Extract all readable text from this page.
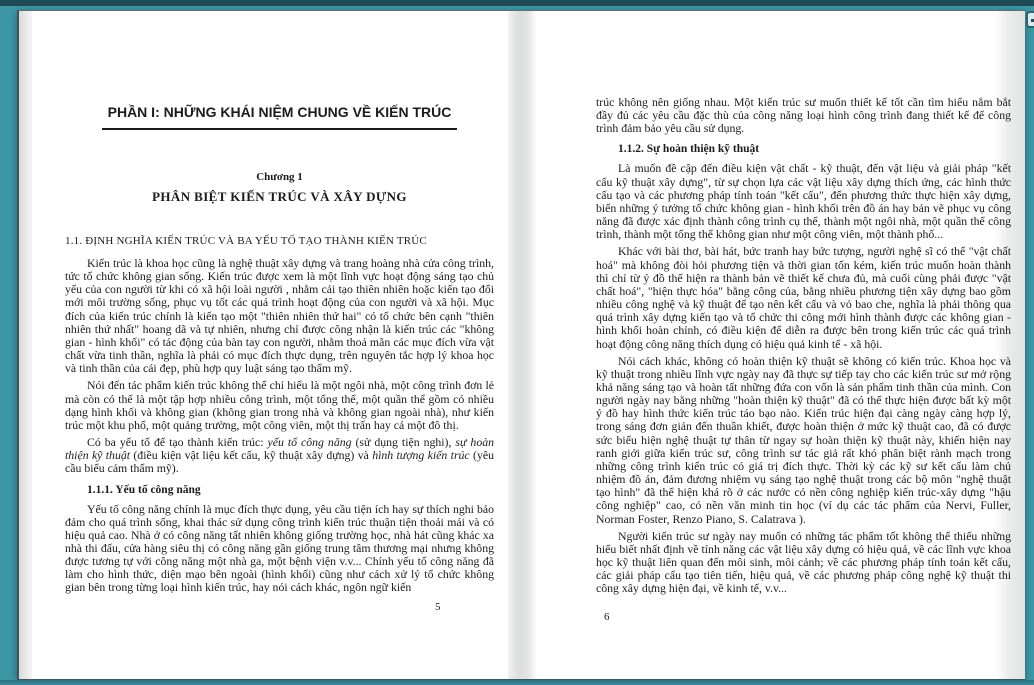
PHẦN I: NHỮNG KHÁI NIỆM CHUNG VỀ KIẾN TRÚC
Chương 1
PHÂN BIỆT KIẾN TRÚC VÀ XÂY DỰNG
1.1. ĐỊNH NGHĨA KIẾN TRÚC VÀ BA YẾU TỐ TẠO THÀNH KIẾN TRÚC
Kiến trúc là khoa học cũng là nghệ thuật xây dựng và trang hoàng nhà cửa công trình, tức tổ chức không gian sống. Kiến trúc được xem là một lĩnh vực hoạt động sáng tạo chủ yếu của con người từ khi có xã hội loài người , nhằm cải tạo thiên nhiên hoặc kiến tạo đổi mới môi trường sống, phục vụ tốt các quá trình hoạt động của con người và xã hội. Mục đích của kiến trúc chính là kiến tạo một "thiên nhiên thứ hai" có tổ chức bên cạnh "thiên nhiên thứ nhất" hoang dã và tự nhiên, nhưng chỉ được công nhận là kiến trúc các "không gian - hình khối" có tác động của bàn tay con người, nhằm thoả mãn các mục đích vừa vật chất vừa tinh thần, nghĩa là phải có mục đích thực dụng, trên nguyên tắc hợp lý khoa học và tinh thần của cái đẹp, phù hợp quy luật sáng tạo thẩm mỹ.
Nói đến tác phẩm kiến trúc không thể chỉ hiểu là một ngôi nhà, một công trình đơn lẻ mà còn có thể là một tập hợp nhiều công trình, một tổng thể, một quần thể gồm có nhiều dạng hình khối và không gian (không gian trong nhà và không gian ngoài nhà), như kiến trúc một khu phố, một quảng trường, một công viên, một thị trấn hay cả một đô thị.
Có ba yếu tố để tạo thành kiến trúc: yếu tố công năng (sử dụng tiện nghi), sự hoàn thiện kỹ thuật (điều kiện vật liệu kết cấu, kỹ thuật xây dựng) và hình tượng kiến trúc (yêu cầu biểu cảm thẩm mỹ).
1.1.1. Yếu tố công năng
Yếu tố công năng chính là mục đích thực dụng, yêu cầu tiện ích hay sự thích nghi bảo đảm cho quá trình sống, khai thác sử dụng công trình kiến trúc thuận tiện thoải mái và có hiệu quả cao. Nhà ở có công năng tất nhiên không giống trường học, nhà hát cũng khác xa nhà thi đấu, cửa hàng siêu thị có công năng gần giống trung tâm thương mại nhưng không được tương tự với công năng một nhà ga, một bệnh viện v.v... Chính yếu tố công năng đã làm cho hình thức, diện mạo bên ngoài (hình khối) cũng như cách xử lý tổ chức không gian bên trong từng loại hình kiến trúc, hay nói cách khác, ngôn ngữ kiến
trúc không nên giống nhau. Một kiến trúc sư muốn thiết kế tốt cần tìm hiểu nắm bắt đầy đủ các yêu cầu đặc thù của công năng loại hình công trình đang thiết kế để công trình đảm bảo yêu cầu sử dụng.
1.1.2. Sự hoàn thiện kỹ thuật
Là muốn đề cập đến điều kiện vật chất - kỹ thuật, đến vật liệu và giải pháp "kết cấu kỹ thuật xây dựng", từ sự chọn lựa các vật liệu xây dựng thích ứng, các hình thức cấu tạo và các phương pháp tính toán "kết cấu", đến phương thức thực hiện xây dựng, biến những ý tưởng tổ chức không gian - hình khối trên đồ án hay bản vẽ phục vụ công năng đã được xác định thành công trình cụ thể, thành một ngôi nhà, một quần thể công trình, thành một tổng thể không gian như một công viên, một thành phố...
Khác với bài thơ, bài hát, bức tranh hay bức tượng, người nghệ sĩ có thể "vật chất hoá" mà không đòi hỏi phương tiện và thời gian tốn kém, kiến trúc muốn hoàn thành thì chỉ từ ý đồ thể hiện ra thành bản vẽ thiết kế chưa đủ, mà cuối cùng phải được "vật chất hoá", "hiện thực hóa" bằng công của, bằng nhiều phương tiện xây dựng bao gồm nhiều công nghệ và kỹ thuật để tạo nên kết cấu và vỏ bao che, nghĩa là phải thông qua quá trình xây dựng kiến tạo và tổ chức thi công mới hình thành được các không gian - hình khối hoàn chỉnh, có điều kiện để diễn ra được bên trong kiến trúc các quá trình hoạt động công năng thích dụng có hiệu quả kinh tế - xã hội.
Nói cách khác, không có hoàn thiện kỹ thuật sẽ không có kiến trúc. Khoa học và kỹ thuật trong nhiều lĩnh vực ngày nay đã thực sự tiếp tay cho các kiến trúc sư mở rộng khả năng sáng tạo và hoàn tất những đứa con vốn là sản phẩm tinh thần của mình. Con người ngày nay bằng những "hoàn thiện kỹ thuật" đã có thể thực hiện được bất kỳ một ý đồ hay hình thức kiến trúc táo bạo nào. Kiến trúc hiện đại càng ngày càng hợp lý, trong sáng đơn giản đến thuần khiết, được hoàn thiện ở mức kỹ thuật cao, đã có được sức biểu hiện nghệ thuật tự thân từ ngay sự hoàn thiện kỹ thuật này, khiến hiện nay ranh giới giữa kiến trúc sư, công trình sư tác giả rất khó phân biệt rành mạch trong những công trình kiến trúc có giá trị đích thực. Thời kỳ các kỹ sư kết cấu làm chủ nhiệm đồ án, đảm đương nhiệm vụ sáng tạo nghệ thuật trong các bộ môn "nghệ thuật tạo hình" đã thể hiện khá rõ ở các nước có nền công nghiệp kiến trúc-xây dựng "hậu công nghiệp" cao, có nền văn minh tin học (ví dụ các tác phẩm của Nervi, Fuller, Norman Foster, Renzo Piano, S. Calatrava ).
Người kiến trúc sư ngày nay muốn có những tác phẩm tốt không thể thiếu những hiểu biết nhất định về tính năng các vật liệu xây dựng có hiệu quả, về các lĩnh vực khoa học kỹ thuật liên quan đến môi sinh, môi cảnh; về các phương pháp tính toán kết cấu, các giải pháp cấu tạo tiên tiến, hiệu quả, về các phương pháp công nghệ kỹ thuật thi công xây dựng hiện đại, về kinh tế, v.v...
5
6
